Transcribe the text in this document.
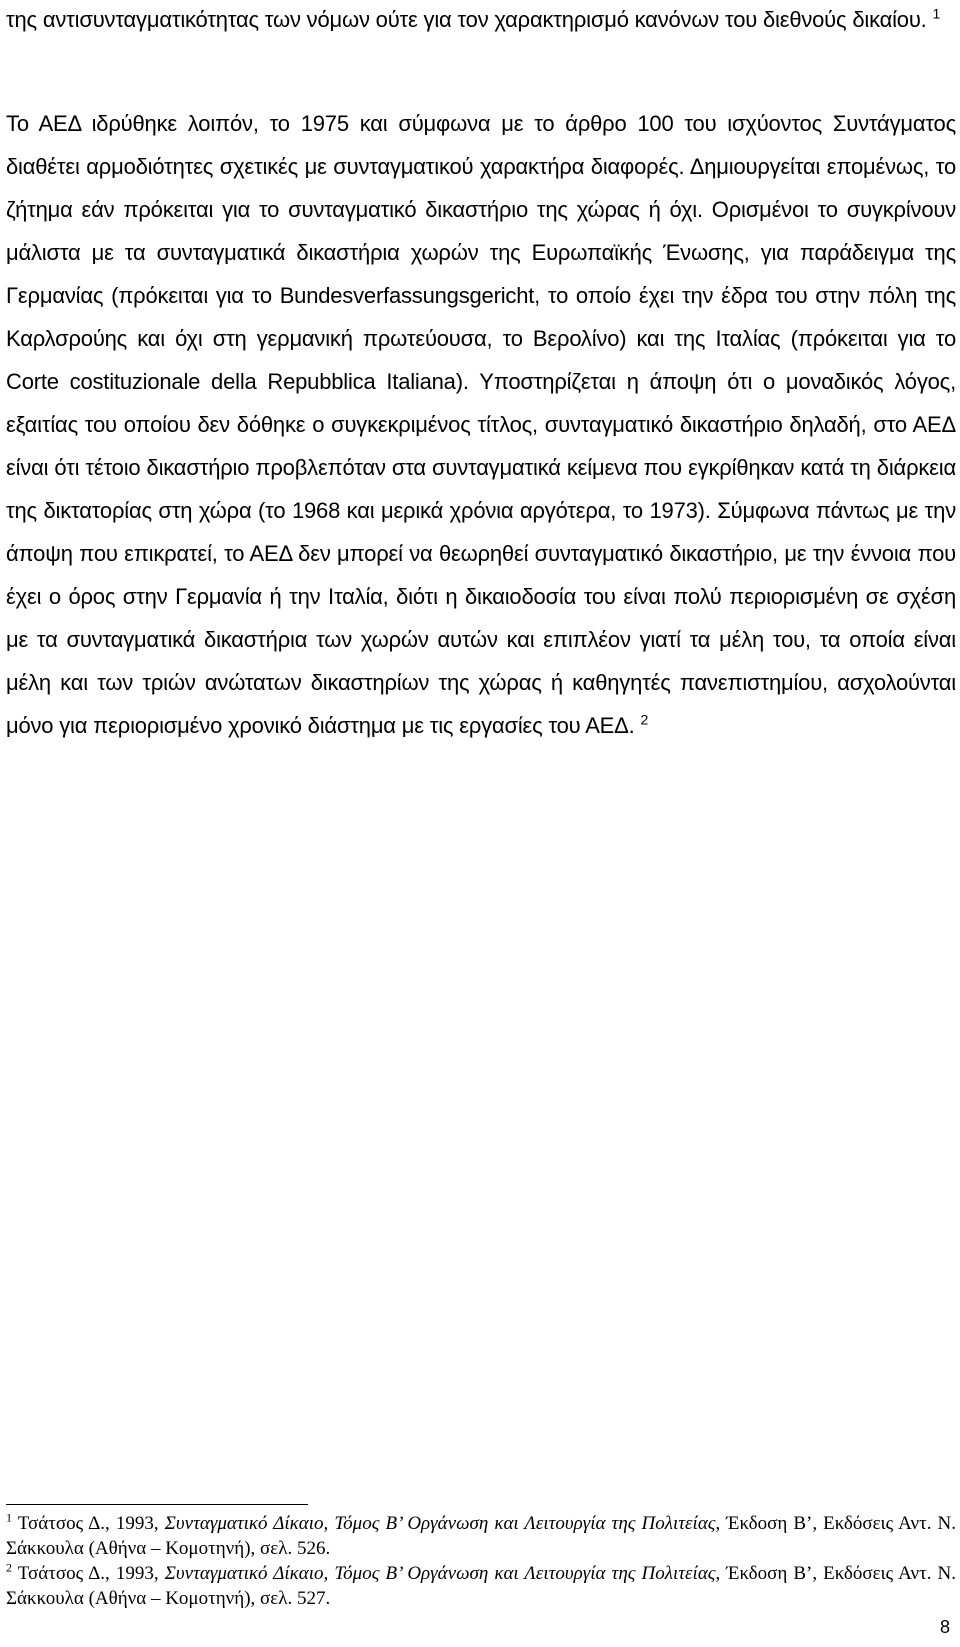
της αντισυνταγματικότητας των νόμων ούτε για τον χαρακτηρισμό κανόνων του διεθνούς δικαίου. $^1$

Το ΑΕΔ ιδρύθηκε λοιπόν, το 1975 και σύμφωνα με το άρθρο 100 του ισχύοντος Συντάγματος διαθέτει αρμοδιότητες σχετικές με συνταγματικού χαρακτήρα διαφορές. Δημιουργείται επομένως, το ζήτημα εάν πρόκειται για το συνταγματικό δικαστήριο της χώρας ή όχι. Ορισμένοι το συγκρίνουν μάλιστα με τα συνταγματικά δικαστήρια χωρών της Ευρωπαϊκής Ένωσης, για παράδειγμα της Γερμανίας (πρόκειται για το Bundesverfassungsgericht, το οποίο έχει την έδρα του στην πόλη της Καρλσρούης και όχι στη γερμανική πρωτεύουσα, το Βερολίνο) και της Ιταλίας (πρόκειται για το Corte costituzionale della Repubblica Italiana). Υποστηρίζεται η άποψη ότι ο μοναδικός λόγος, εξαιτίας του οποίου δεν δόθηκε ο συγκεκριμένος τίτλος, συνταγματικό δικαστήριο δηλαδή, στο ΑΕΔ είναι ότι τέτοιο δικαστήριο προβλεπόταν στα συνταγματικά κείμενα που εγκρίθηκαν κατά τη διάρκεια της δικτατορίας στη χώρα (το 1968 και μερικά χρόνια αργότερα, το 1973). Σύμφωνα πάντως με την άποψη που επικρατεί, το ΑΕΔ δεν μπορεί να θεωρηθεί συνταγματικό δικαστήριο, με την έννοια που έχει ο όρος στην Γερμανία ή την Ιταλία, διότι η δικαιοδοσία του είναι πολύ περιορισμένη σε σχέση με τα συνταγματικά δικαστήρια των χωρών αυτών και επιπλέον γιατί τα μέλη του, τα οποία είναι μέλη και των τριών ανώτατων δικαστηρίων της χώρας ή καθηγητές πανεπιστημίου, ασχολούνται μόνο για περιορισμένο χρονικό διάστημα με τις εργασίες του ΑΕΔ. $^2$

$^1$ Τσάτσος Δ., 1993, Συνταγματικό Δίκαιο, Τόμος Β’ Οργάνωση και Λειτουργία της Πολιτείας, Έκδοση Β’, Εκδόσεις Αντ. Ν. Σάκκουλα (Αθήνα – Κομοτηνή), σελ. 526.

$^2$ Τσάτσος Δ., 1993, Συνταγματικό Δίκαιο, Τόμος Β’ Οργάνωση και Λειτουργία της Πολιτείας, Έκδοση Β’, Εκδόσεις Αντ. Ν. Σάκκουλα (Αθήνα – Κομοτηνή), σελ. 527.

8
